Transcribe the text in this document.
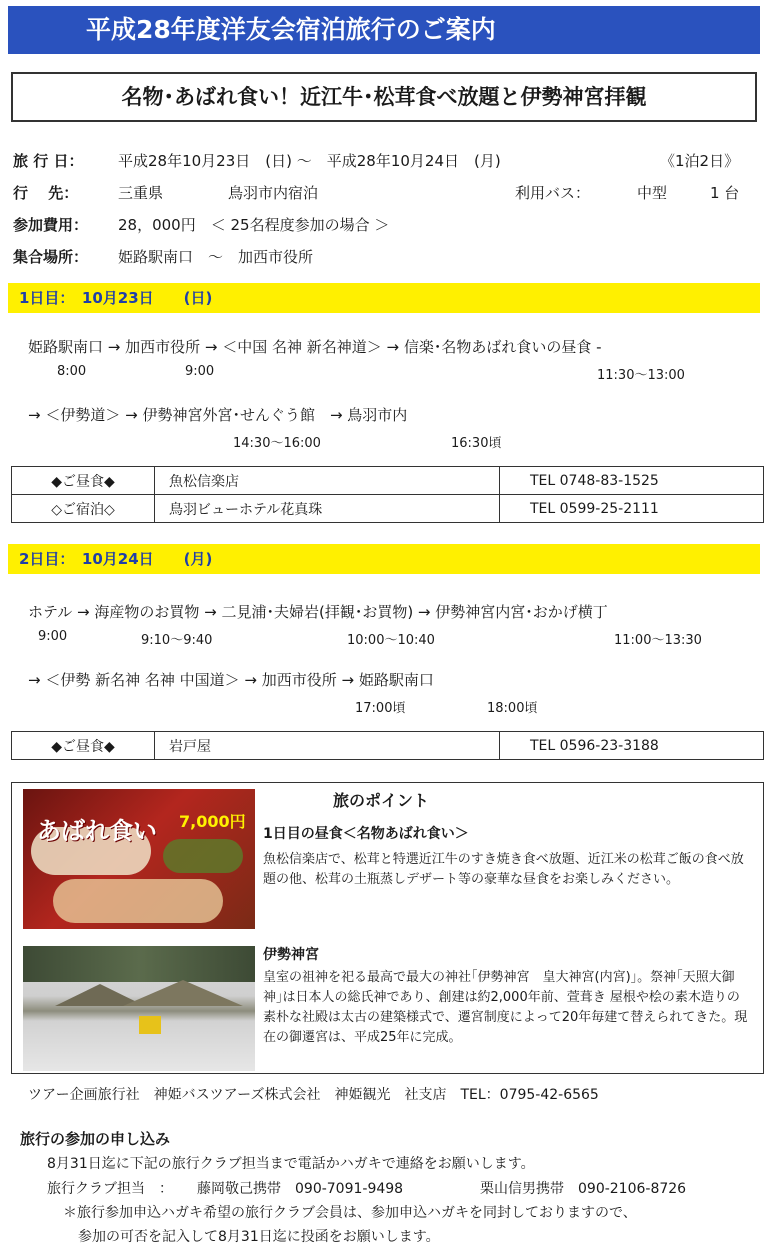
平成28年度洋友会宿泊旅行のご案内
名物･あばれ食い！近江牛･松茸食べ放題と伊勢神宮拝観
旅 行 日： 平成28年10月23日　(日) ～　平成28年10月24日　(月)	《1泊2日》
行　 先：	三重県	鳥羽市内宿泊	利用バス：	中型	1 台
参加費用： 28，000円　＜ 25名程度参加の場合 ＞
集合場所： 姫路駅南口　～　加西市役所
1日目：　10月23日　　(日)
姫路駅南口 → 加西市役所 → ＜中国 名神 新名神道＞ → 信楽･名物あばれ食いの昼食 -
8:00	9:00	11:30～13:00
→ ＜伊勢道＞ → 伊勢神宮外宮･せんぐう館　→ 鳥羽市内
14:30～16:00	16:30頃
◆ご昼食◆	魚松信楽店	TEL 0748-83-1525
◇ご宿泊◇	鳥羽ビューホテル花真珠	TEL 0599-25-2111
2日目：　10月24日　　(月)
ホテル → 海産物のお買物 → 二見浦･夫婦岩(拝観･お買物) → 伊勢神宮内宮･おかげ横丁
9:00	9:10～9:40	10:00～10:40	11:00～13:30
→ ＜伊勢 新名神 名神 中国道＞ → 加西市役所 → 姫路駅南口
17:00頃	18:00頃
◆ご昼食◆	岩戸屋	TEL 0596-23-3188
あばれ食い 7,000円
旅のポイント
1日目の昼食＜名物あばれ食い＞
魚松信楽店で、松茸と特選近江牛のすき焼き食べ放題、近江米の松茸ご飯の食べ放題の他、松茸の土瓶蒸しデザート等の豪華な昼食をお楽しみください。
伊勢神宮
皇室の祖神を祀る最高で最大の神社｢伊勢神宮　皇大神宮(内宮)｣。祭神｢天照大御神｣は日本人の総氏神であり、創建は約2,000年前、萱葺き 屋根や桧の素木造りの素朴な社殿は太古の建築様式で、遷宮制度によって20年毎建て替えられてきた。現在の御遷宮は、平成25年に完成。
ツアー企画旅行社　神姫バスツアーズ株式会社　神姫観光　社支店　TEL：0795-42-6565
旅行の参加の申し込み
8月31日迄に下記の旅行クラブ担当まで電話かハガキで連絡をお願いします。
旅行クラブ担当　： 藤岡敬己携帯　090-7091-9498	栗山信男携帯　090-2106-8726
＊旅行参加申込ハガキ希望の旅行クラブ会員は、参加申込ハガキを同封しておりますので、
参加の可否を記入して8月31日迄に投函をお願いします。
